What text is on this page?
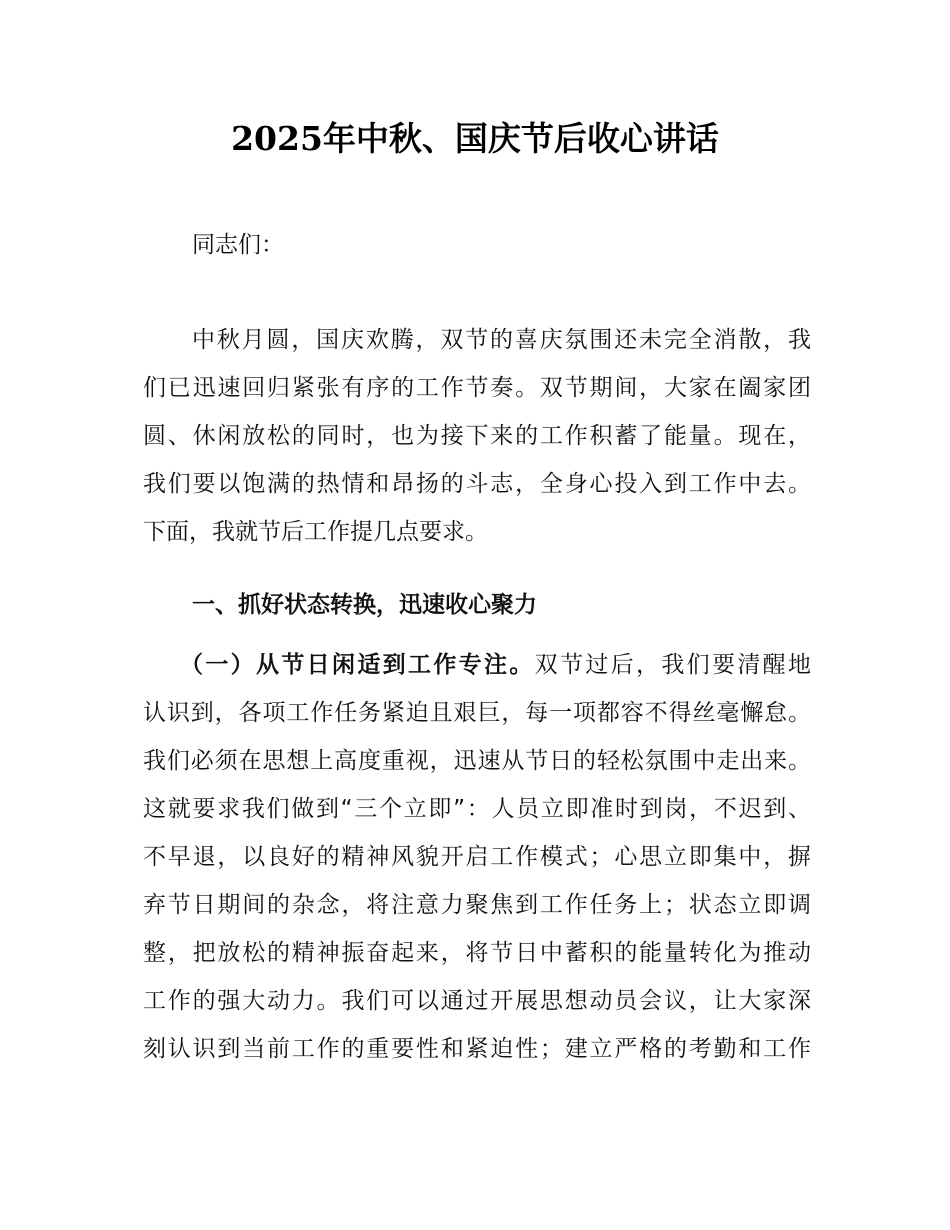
2025年中秋、国庆节后收心讲话
同志们：
中秋月圆，国庆欢腾，双节的喜庆氛围还未完全消散，我
们已迅速回归紧张有序的工作节奏。双节期间，大家在阖家团
圆、休闲放松的同时，也为接下来的工作积蓄了能量。现在，
我们要以饱满的热情和昂扬的斗志，全身心投入到工作中去。
下面，我就节后工作提几点要求。
一、抓好状态转换，迅速收心聚力
（一）从节日闲适到工作专注。双节过后，我们要清醒地
认识到，各项工作任务紧迫且艰巨，每一项都容不得丝毫懈怠。
我们必须在思想上高度重视，迅速从节日的轻松氛围中走出来。
这就要求我们做到“三个立即”：人员立即准时到岗，不迟到、
不早退，以良好的精神风貌开启工作模式；心思立即集中，摒
弃节日期间的杂念，将注意力聚焦到工作任务上；状态立即调
整，把放松的精神振奋起来，将节日中蓄积的能量转化为推动
工作的强大动力。我们可以通过开展思想动员会议，让大家深
刻认识到当前工作的重要性和紧迫性；建立严格的考勤和工作
